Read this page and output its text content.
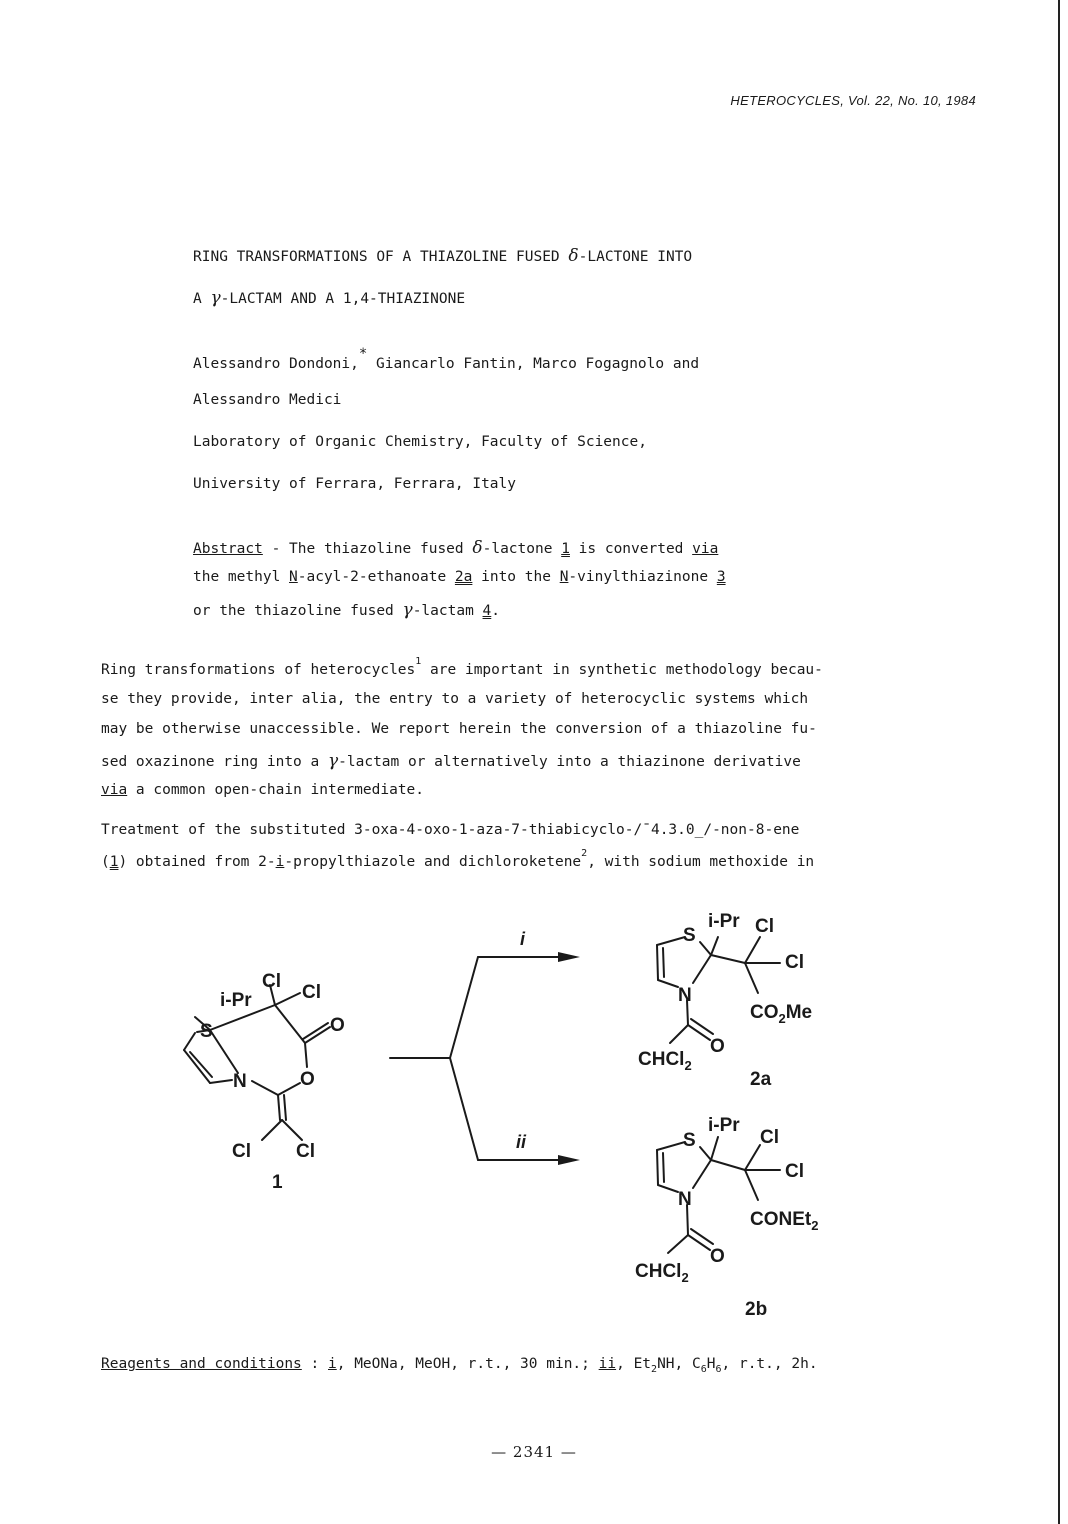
HETEROCYCLES, Vol. 22, No. 10, 1984
RING TRANSFORMATIONS OF A THIAZOLINE FUSED δ-LACTONE INTO
A γ-LACTAM AND A 1,4-THIAZINONE
Alessandro Dondoni,* Giancarlo Fantin, Marco Fogagnolo and
Alessandro Medici
Laboratory of Organic Chemistry, Faculty of Science,
University of Ferrara, Ferrara, Italy
Abstract - The thiazoline fused δ-lactone 1 is converted via
the methyl N-acyl-2-ethanoate 2a into the N-vinylthiazinone 3
or the thiazoline fused γ-lactam 4.
Ring transformations of heterocycles$^1$ are important in synthetic methodology becau-
se they provide, inter alia, the entry to a variety of heterocyclic systems which
may be otherwise unaccessible. We report herein the conversion of a thiazoline fu-
sed oxazinone ring into a γ-lactam or alternatively into a thiazinone derivative
via a common open-chain intermediate.
Treatment of the substituted 3-oxa-4-oxo-1-aza-7-thiabicyclo-/¯4.3.0_/-non-8-ene
(1) obtained from 2-i-propylthiazole and dichloroketene$^2$, with sodium methoxide in
i
ii
i-Pr
Cl
Cl
O
S
N	O
Cl Cl
1
S
i-Pr Cl
Cl
N
$CO_2Me$
O
CHCl$_2$
2a
S
i-Pr
Cl
Cl
N
CONEt$_2$
O
CHCl$_2$
2b
Reagents and conditions : i, MeONa, MeOH, r.t., 30 min.; ii, $Et_2NH$, $C_6H_6$, r.t., 2h.
— 2341 —
